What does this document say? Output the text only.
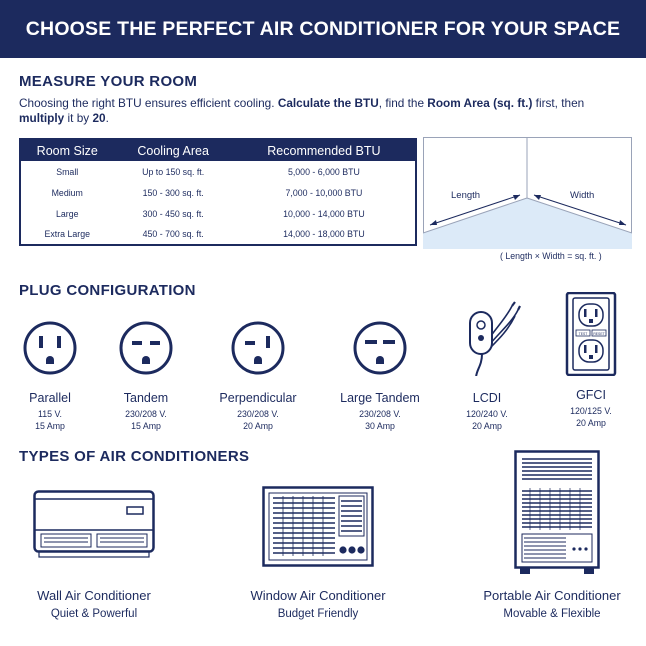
CHOOSE THE PERFECT AIR CONDITIONER FOR YOUR SPACE
MEASURE YOUR ROOM
Choosing the right BTU ensures efficient cooling. Calculate the BTU, find the Room Area (sq. ft.) first, then multiply it by 20.
Room Size	Cooling Area	Recommended BTU
Small	Up to 150 sq. ft.	5,000 - 6,000 BTU
Medium	150 - 300 sq. ft.	7,000 - 10,000 BTU
Large	300 - 450 sq. ft.	10,000 - 14,000 BTU
Extra Large	450 - 700 sq. ft.	14,000 - 18,000 BTU
Length	Width
( Length × Width = sq. ft. )
PLUG CONFIGURATION
Parallel
115 V.
15 Amp
Tandem
230/208 V.
15 Amp
Perpendicular
230/208 V.
20 Amp
Large Tandem
230/208 V.
30 Amp
LCDI
120/240 V.
20 Amp
TEST RESET
GFCI
120/125 V.
20 Amp
TYPES OF AIR CONDITIONERS
Wall Air Conditioner
Quiet & Powerful
Window Air Conditioner
Budget Friendly
Portable Air Conditioner
Movable & Flexible
